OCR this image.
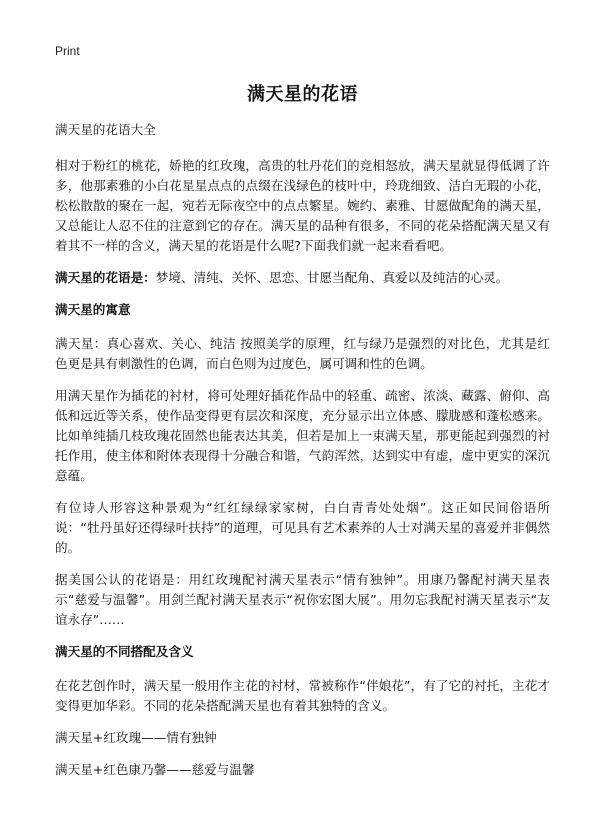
Print
满天星的花语

满天星的花语大全

相对于粉红的桃花，娇艳的红玫瑰，高贵的牡丹花们的竞相怒放，满天星就显得低调了许多，他那素雅的小白花星星点点的点缀在浅绿色的枝叶中，玲珑细致、洁白无瑕的小花，松松散散的聚在一起，宛若无际夜空中的点点繁星。婉约、素雅、甘愿做配角的满天星，又总能让人忍不住的注意到它的存在。满天星的品种有很多，不同的花朵搭配满天星又有着其不一样的含义，满天星的花语是什么呢?下面我们就一起来看看吧。

满天星的花语是：梦境、清纯、关怀、思恋、甘愿当配角、真爱以及纯洁的心灵。

满天星的寓意

满天星：真心喜欢、关心、纯洁 按照美学的原理，红与绿乃是强烈的对比色，尤其是红色更是具有刺激性的色调，而白色则为过度色，属可调和性的色调。

用满天星作为插花的衬材，将可处理好插花作品中的轻重、疏密、浓淡、藏露、俯仰、高低和远近等关系，使作品变得更有层次和深度，充分显示出立体感、朦胧感和蓬松感来。比如单纯插几枝玫瑰花固然也能表达其美，但若是加上一束满天星，那更能起到强烈的衬托作用，使主体和附体表现得十分融合和谐，气韵浑然，达到实中有虚，虚中更实的深沉意蕴。

有位诗人形容这种景观为“红红绿绿家家树，白白青青处处烟”。这正如民间俗语所说：“牡丹虽好还得绿叶扶持”的道理，可见具有艺术素养的人士对满天星的喜爱并非偶然的。

据美国公认的花语是：用红玫瑰配衬满天星表示“情有独钟”。用康乃馨配衬满天星表示“慈爱与温馨”。用剑兰配衬满天星表示“祝你宏图大展”。用勿忘我配衬满天星表示“友谊永存”……

满天星的不同搭配及含义

在花艺创作时，满天星一般用作主花的衬材，常被称作“伴娘花”，有了它的衬托，主花才变得更加华彩。不同的花朵搭配满天星也有着其独特的含义。

满天星+红玫瑰——情有独钟

满天星+红色康乃馨——慈爱与温馨
